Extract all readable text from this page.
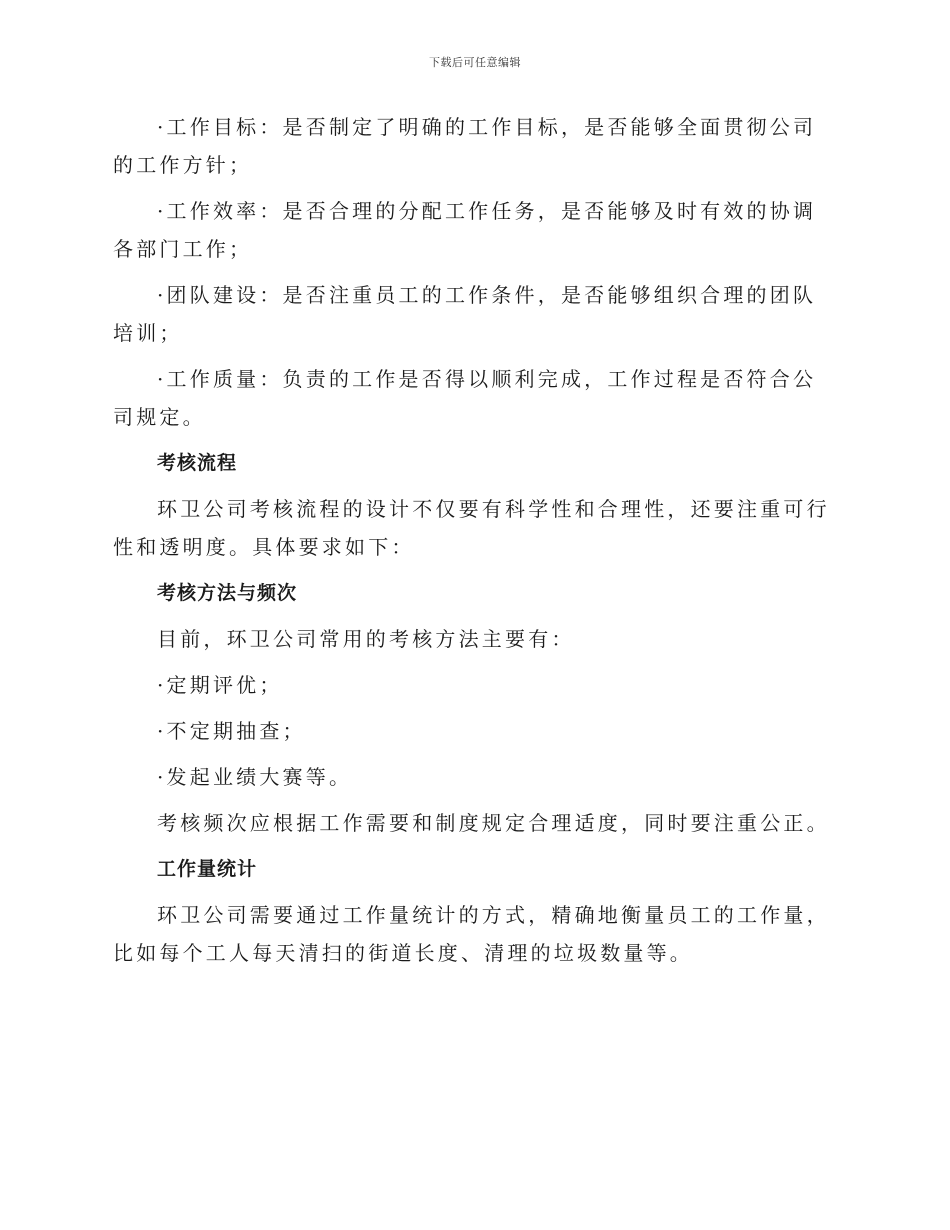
下载后可任意编辑

·工作目标：是否制定了明确的工作目标，是否能够全面贯彻公司的工作方针；

·工作效率：是否合理的分配工作任务，是否能够及时有效的协调各部门工作；

·团队建设：是否注重员工的工作条件，是否能够组织合理的团队培训；

·工作质量：负责的工作是否得以顺利完成，工作过程是否符合公司规定。

考核流程

环卫公司考核流程的设计不仅要有科学性和合理性，还要注重可行性和透明度。具体要求如下：

考核方法与频次

目前，环卫公司常用的考核方法主要有：

·定期评优；

·不定期抽查；

·发起业绩大赛等。

考核频次应根据工作需要和制度规定合理适度，同时要注重公正。

工作量统计

环卫公司需要通过工作量统计的方式，精确地衡量员工的工作量，比如每个工人每天清扫的街道长度、清理的垃圾数量等。
